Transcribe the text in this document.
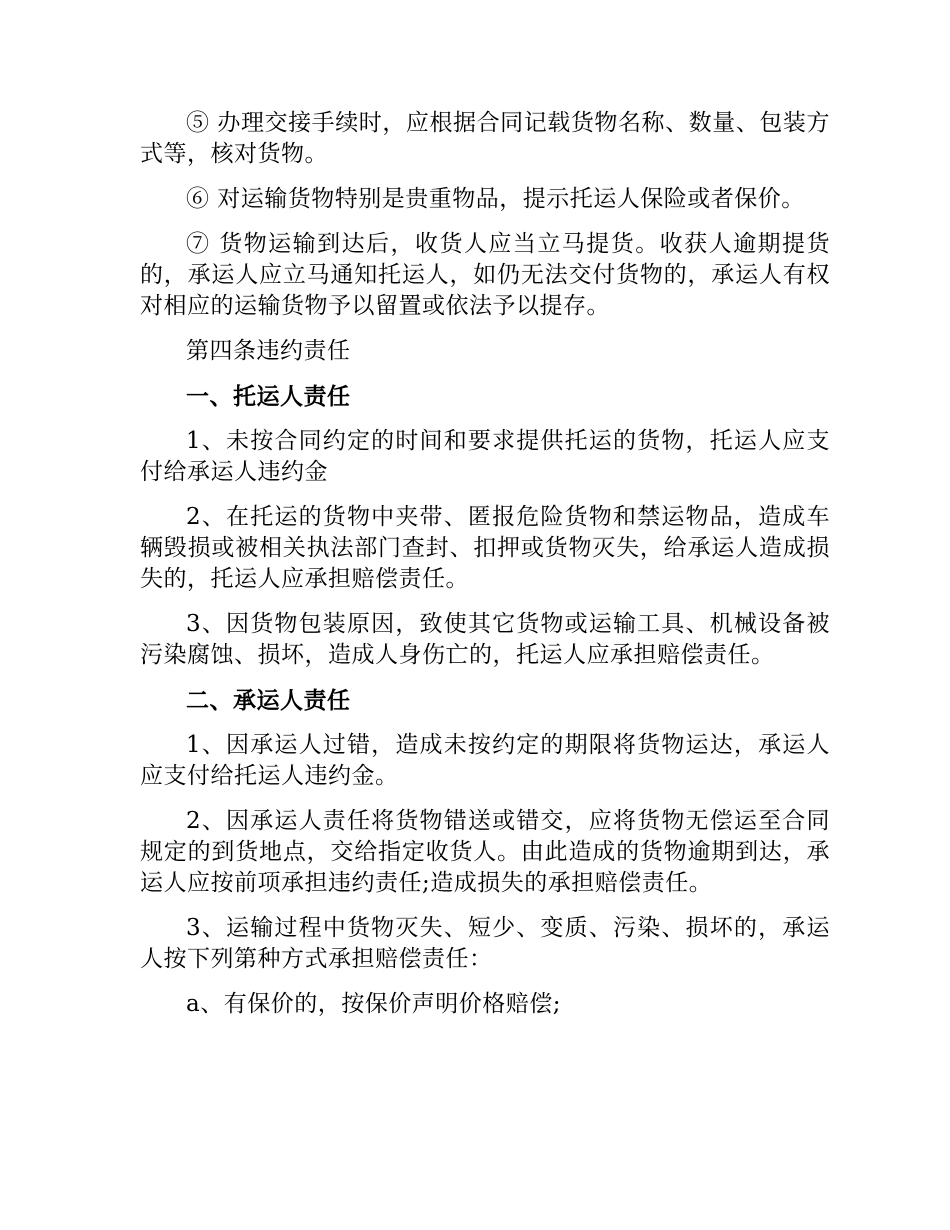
⑤ 办理交接手续时，应根据合同记载货物名称、数量、包装方式等，核对货物。

⑥ 对运输货物特别是贵重物品，提示托运人保险或者保价。

⑦ 货物运输到达后，收货人应当立马提货。收获人逾期提货的，承运人应立马通知托运人，如仍无法交付货物的，承运人有权对相应的运输货物予以留置或依法予以提存。

第四条违约责任

一、托运人责任

1、未按合同约定的时间和要求提供托运的货物，托运人应支付给承运人违约金

2、在托运的货物中夹带、匿报危险货物和禁运物品，造成车辆毁损或被相关执法部门查封、扣押或货物灭失，给承运人造成损失的，托运人应承担赔偿责任。

3、因货物包装原因，致使其它货物或运输工具、机械设备被污染腐蚀、损坏，造成人身伤亡的，托运人应承担赔偿责任。

二、承运人责任

1、因承运人过错，造成未按约定的期限将货物运达，承运人应支付给托运人违约金。

2、因承运人责任将货物错送或错交，应将货物无偿运至合同规定的到货地点，交给指定收货人。由此造成的货物逾期到达，承运人应按前项承担违约责任;造成损失的承担赔偿责任。

3、运输过程中货物灭失、短少、变质、污染、损坏的，承运人按下列第种方式承担赔偿责任：

a、有保价的，按保价声明价格赔偿;
